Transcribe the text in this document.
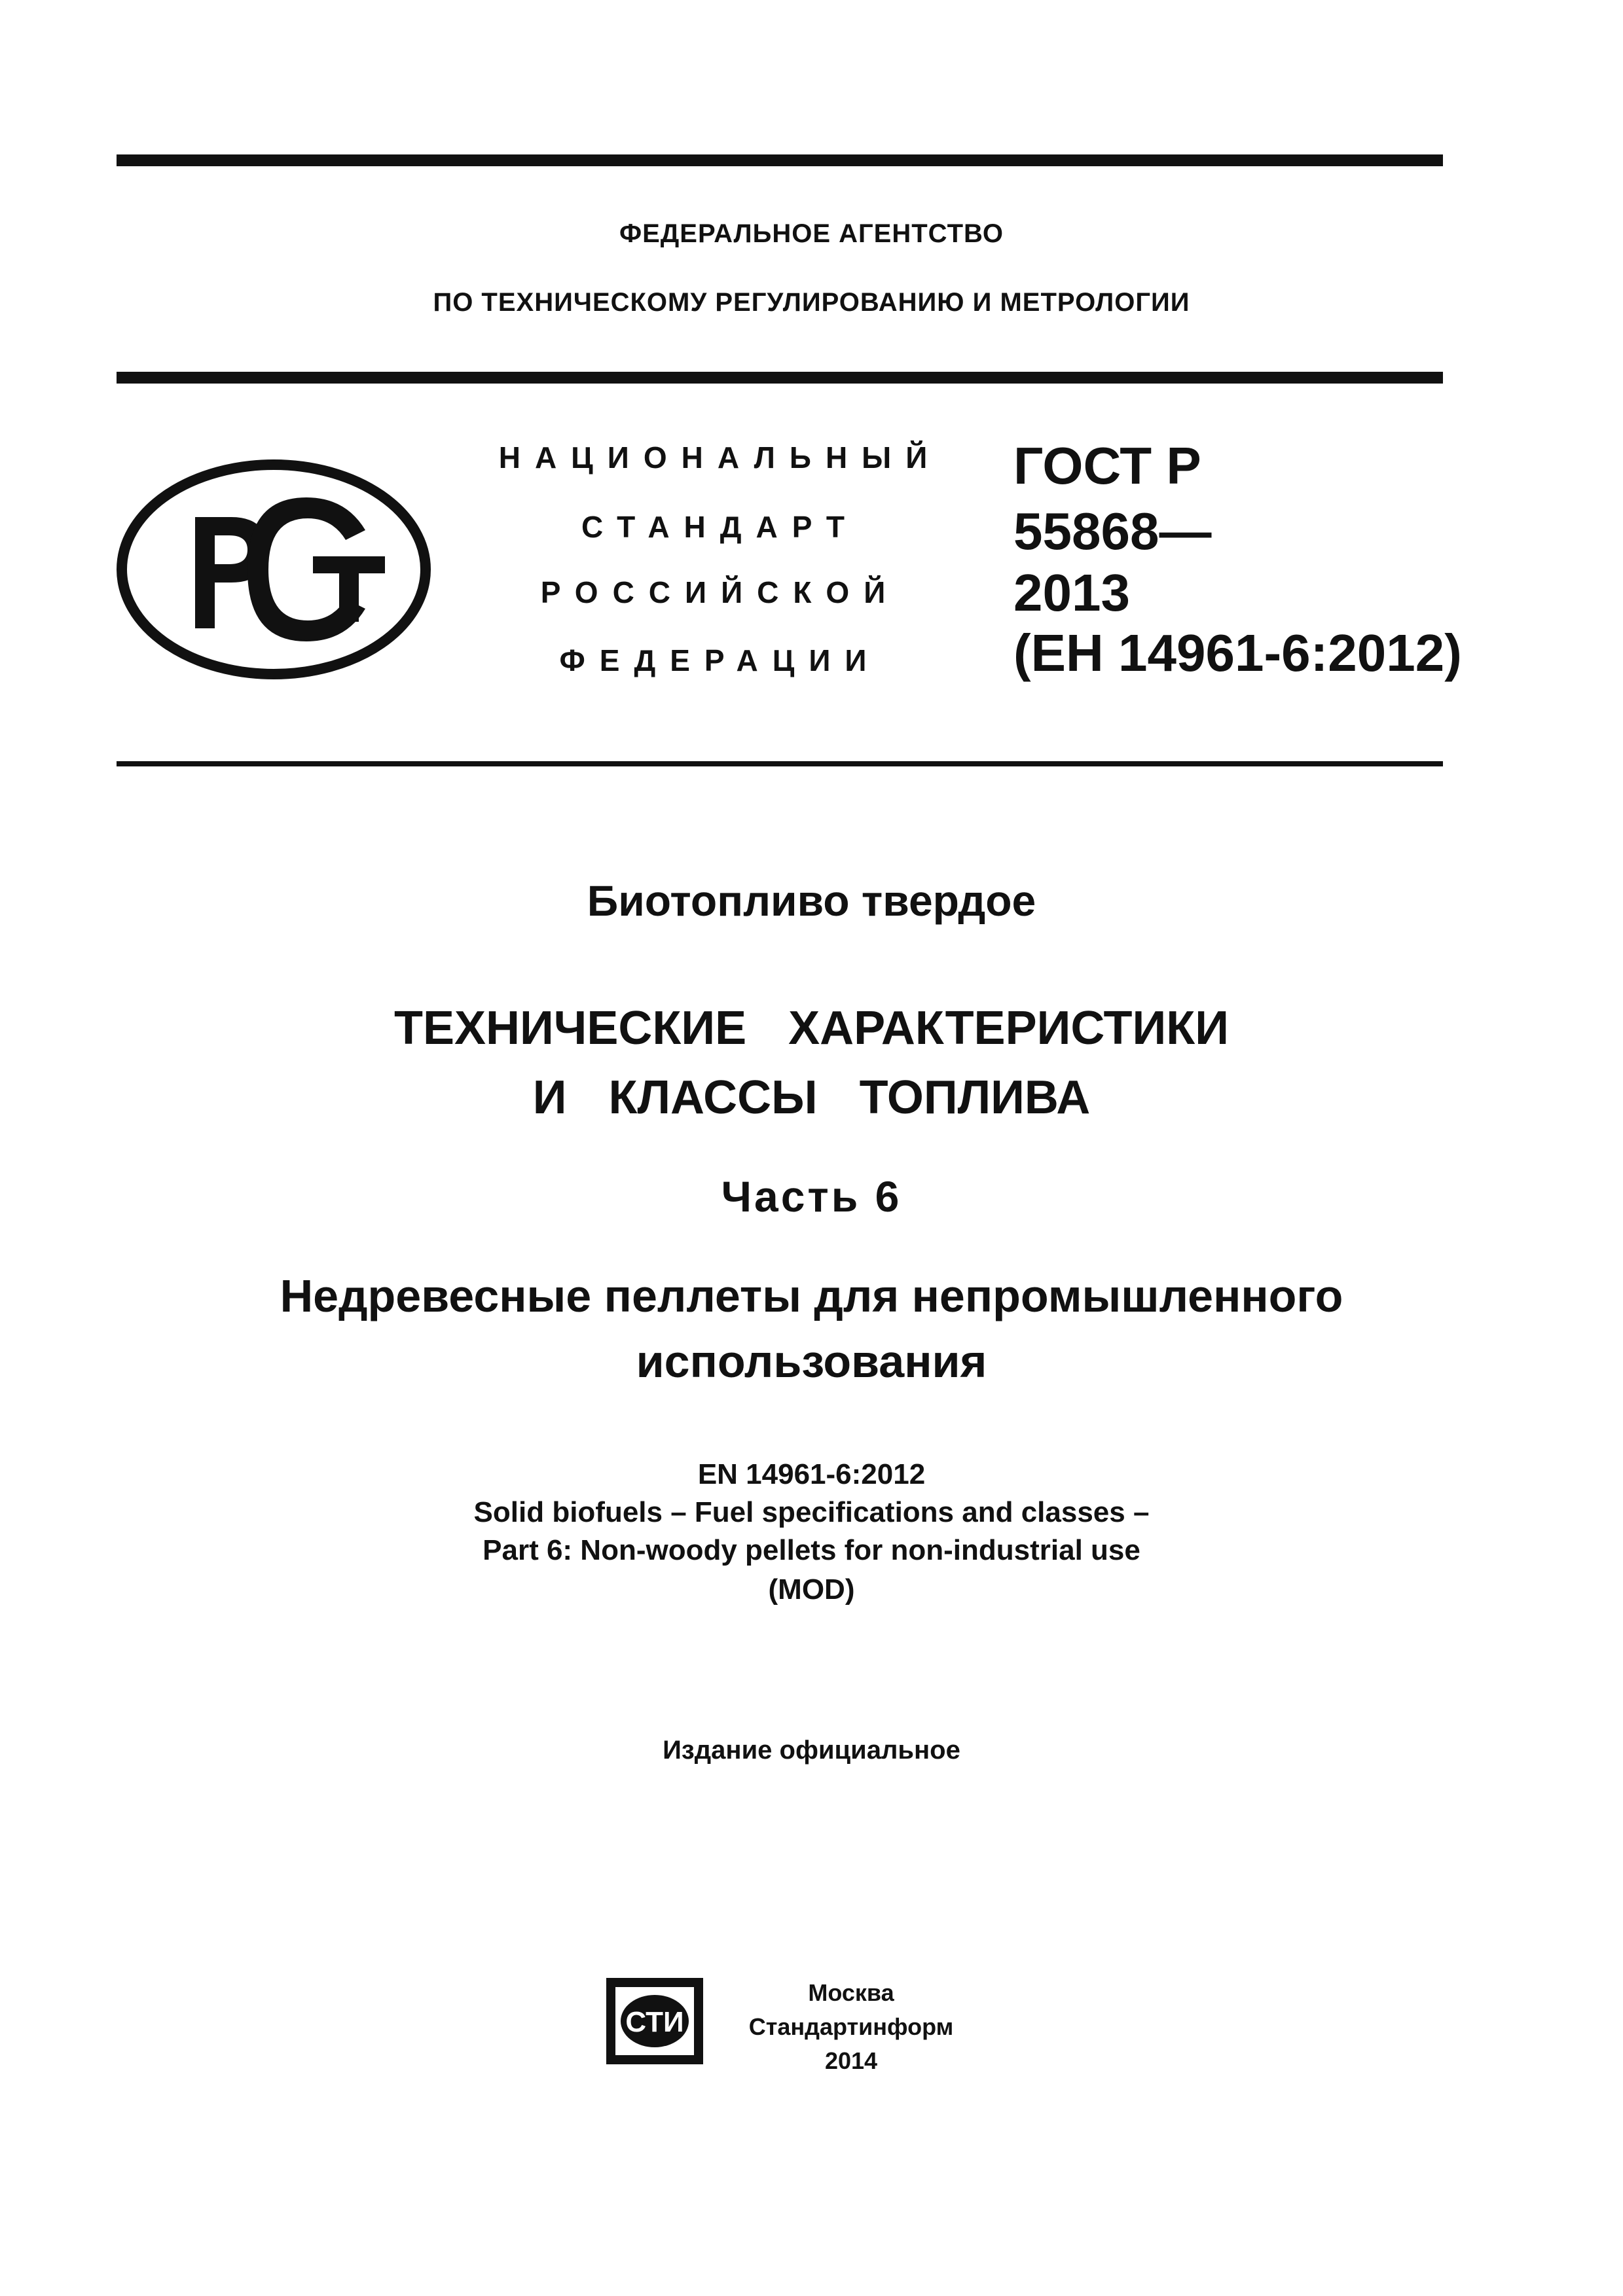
ФЕДЕРАЛЬНОЕ АГЕНТСТВО
ПО ТЕХНИЧЕСКОМУ РЕГУЛИРОВАНИЮ И МЕТРОЛОГИИ
РСТ	НАЦИОНАЛЬНЫЙ
СТАНДАРТ
РОССИЙСКОЙ
ФЕДЕРАЦИИ
ГОСТ Р
55868—
2013
(ЕН 14961-6:2012)
Биотопливо твердое
ТЕХНИЧЕСКИЕ  ХАРАКТЕРИСТИКИ
И  КЛАССЫ  ТОПЛИВА
Часть 6
Недревесные пеллеты для непромышленного
использования
EN 14961-6:2012
Solid biofuels – Fuel specifications and classes –
Part 6: Non-woody pellets for non-industrial use
(MOD)
Издание официальное
СТИ
Москва
Стандартинформ
2014
